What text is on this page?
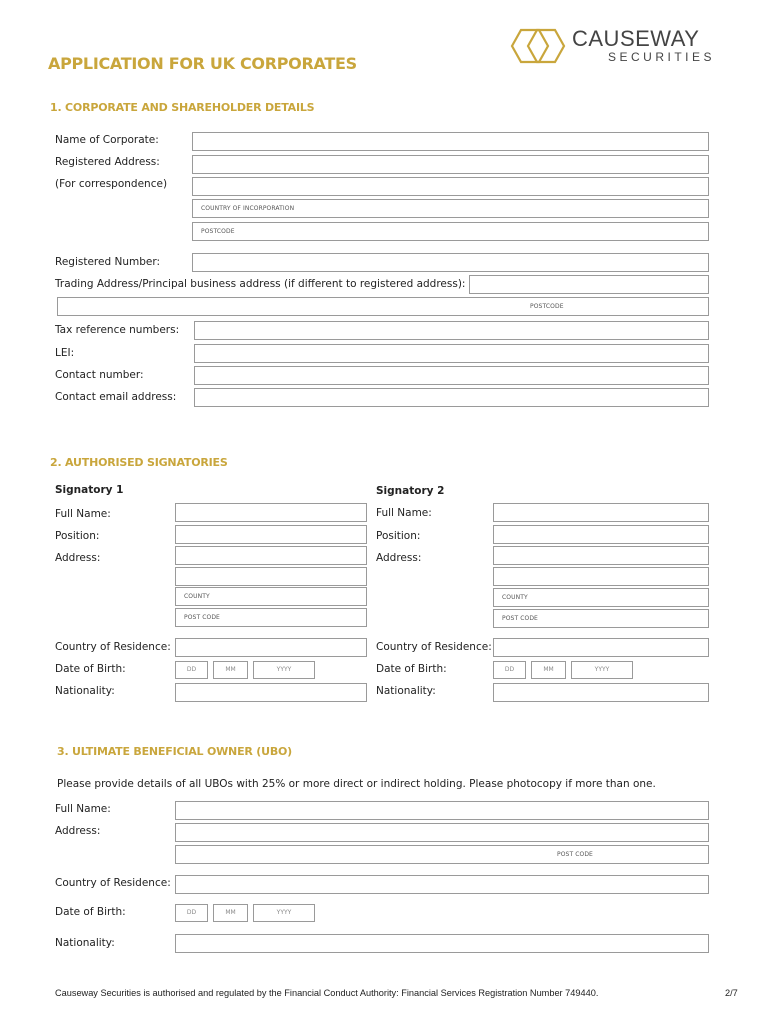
CAUSEWAY
SECURITIES
APPLICATION FOR UK CORPORATES
1. CORPORATE AND SHAREHOLDER DETAILS
Name of Corporate:
Registered Address:
(For correspondence)
COUNTRY OF INCORPORATION
POSTCODE
Registered Number:
Trading Address/Principal business address (if different to registered address):
POSTCODE
Tax reference numbers:
LEI:
Contact number:
Contact email address:
2. AUTHORISED SIGNATORIES
Signatory 1
Full Name:
Position:
Address:
COUNTY
POST CODE
Country of Residence:
Date of Birth:	DD	MM	YYYY
Nationality:
Signatory 2
Full Name:
Position:
Address:
COUNTY
POST CODE
Country of Residence:
Date of Birth:	DD	MM	YYYY
Nationality:
3. ULTIMATE BENEFICIAL OWNER (UBO)
Please provide details of all UBOs with 25% or more direct or indirect holding. Please photocopy if more than one.
Full Name:
Address:
POST CODE
Country of Residence:
Date of Birth:	DD	MM	YYYY
Nationality:
Causeway Securities is authorised and regulated by the Financial Conduct Authority: Financial Services Registration Number 749440.	2/7
